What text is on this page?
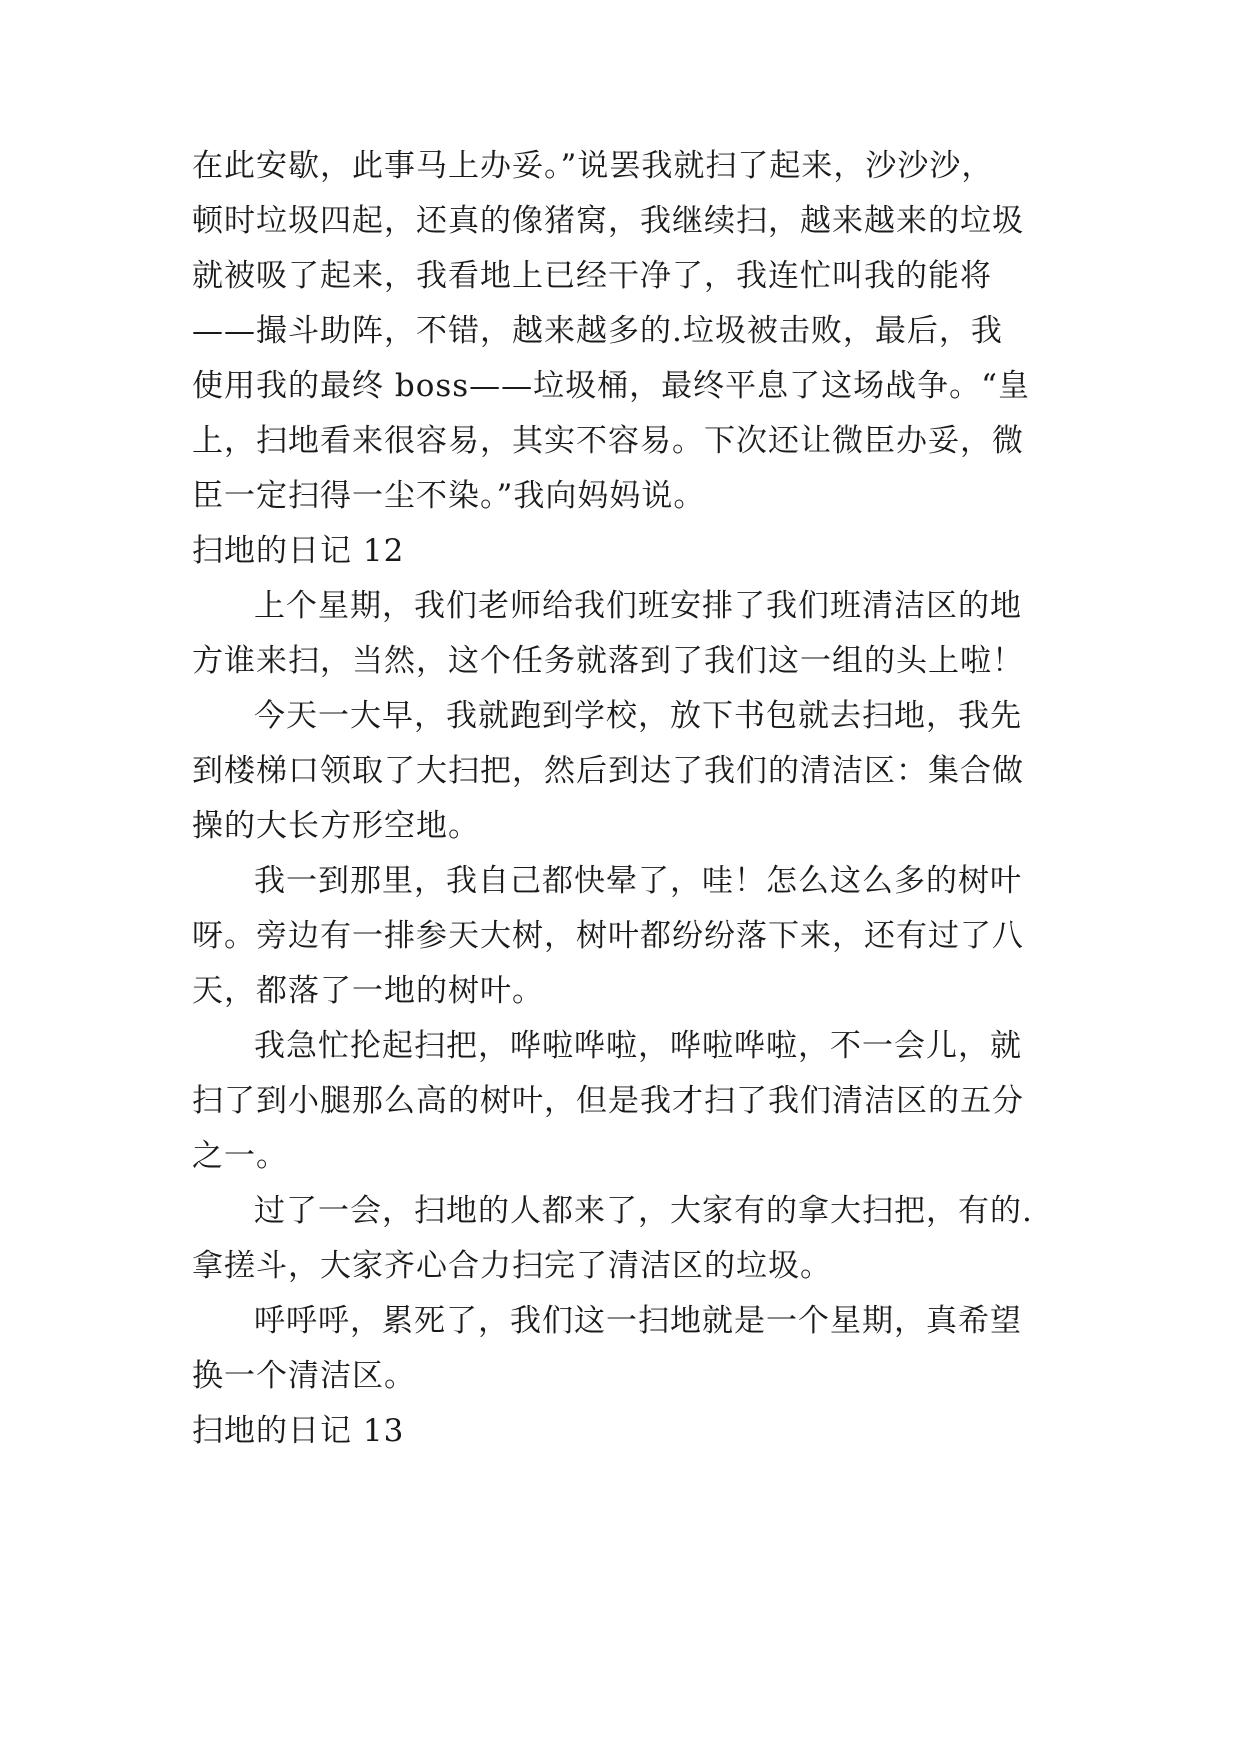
在此安歇，此事马上办妥。”说罢我就扫了起来，沙沙沙，
顿时垃圾四起，还真的像猪窝，我继续扫，越来越来的垃圾
就被吸了起来，我看地上已经干净了，我连忙叫我的能将
——撮斗助阵，不错，越来越多的.垃圾被击败，最后，我
使用我的最终 boss——垃圾桶，最终平息了这场战争。“皇
上，扫地看来很容易，其实不容易。下次还让微臣办妥，微
臣一定扫得一尘不染。”我向妈妈说。
扫地的日记 12
上个星期，我们老师给我们班安排了我们班清洁区的地
方谁来扫，当然，这个任务就落到了我们这一组的头上啦！
今天一大早，我就跑到学校，放下书包就去扫地，我先
到楼梯口领取了大扫把，然后到达了我们的清洁区：集合做
操的大长方形空地。
我一到那里，我自己都快晕了，哇！怎么这么多的树叶
呀。旁边有一排参天大树，树叶都纷纷落下来，还有过了八
天，都落了一地的树叶。
我急忙抡起扫把，哗啦哗啦，哗啦哗啦，不一会儿，就
扫了到小腿那么高的树叶，但是我才扫了我们清洁区的五分
之一。
过了一会，扫地的人都来了，大家有的拿大扫把，有的.
拿搓斗，大家齐心合力扫完了清洁区的垃圾。
呼呼呼，累死了，我们这一扫地就是一个星期，真希望
换一个清洁区。
扫地的日记 13
